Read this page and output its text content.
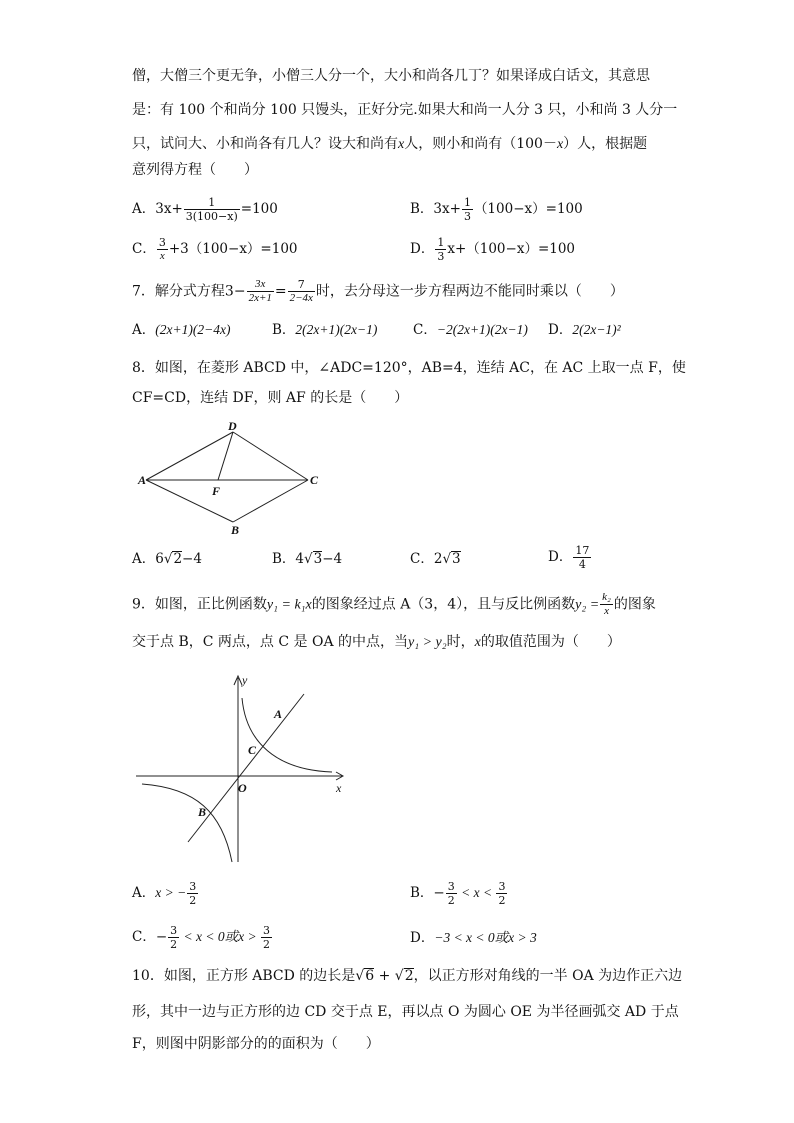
僧，大僧三个更无争，小僧三人分一个，大小和尚各几丁？如果译成白话文，其意思
是：有 100 个和尚分 100 只馒头，正好分完.如果大和尚一人分 3 只，小和尚 3 人分一
只，试问大、小和尚各有几人？设大和尚有x人，则小和尚有（100－x）人，根据题
意列得方程（　　）
A．$3x+ \frac{1}{3(100-x)} =100$	B．$3x+ \frac{1}{3} (100-x)=100$
C． $\frac{3}{x} +3(100-x)=100$	D． $\frac{1}{3} x+(100-x)=100$
7．解分式方程$3- \frac{3x}{2x+1} = \frac{7}{2-4x}$ 时，去分母这一步方程两边不能同时乘以（　　）
A．(2x+1)(2−4x)	B．2(2x+1)(2x−1)	C．−2(2x+1)(2x−1) D．2(2x−1)²
8．如图，在菱形 ABCD 中，∠ADC=120°，AB=4，连结 AC，在 AC 上取一点 F，使
CF=CD，连结 DF，则 AF 的长是（　　）
A
D
C
B
F
A．6√2−4	B．4√3−4	C．2√3	D． $\frac{17}{4}$
9．如图，正比例函数y₁ = k₁x的图象经过点 A（3，4），且与反比例函数$y_2 = \frac{\text{k₂}}{x}$ 的图象
交于点 B，C 两点，点 C 是 OA 的中点，当y₁ > y₂时，x的取值范围为（　　）
y
x
O
A
C
B
A．x > − $\frac{3}{2}$	B．− $\frac{3}{2} < x < \frac{3}{2}$
C．− $\frac{3}{2} < x < 0$或$x > \frac{3}{2}$	D．−3 < x < 0或x > 3
10．如图，正方形 ABCD 的边长是√6 + √2，以正方形对角线的一半 OA 为边作正六边
形，其中一边与正方形的边 CD 交于点 E，再以点 O 为圆心 OE 为半径画弧交 AD 于点
F，则图中阴影部分的的面积为（　　）
